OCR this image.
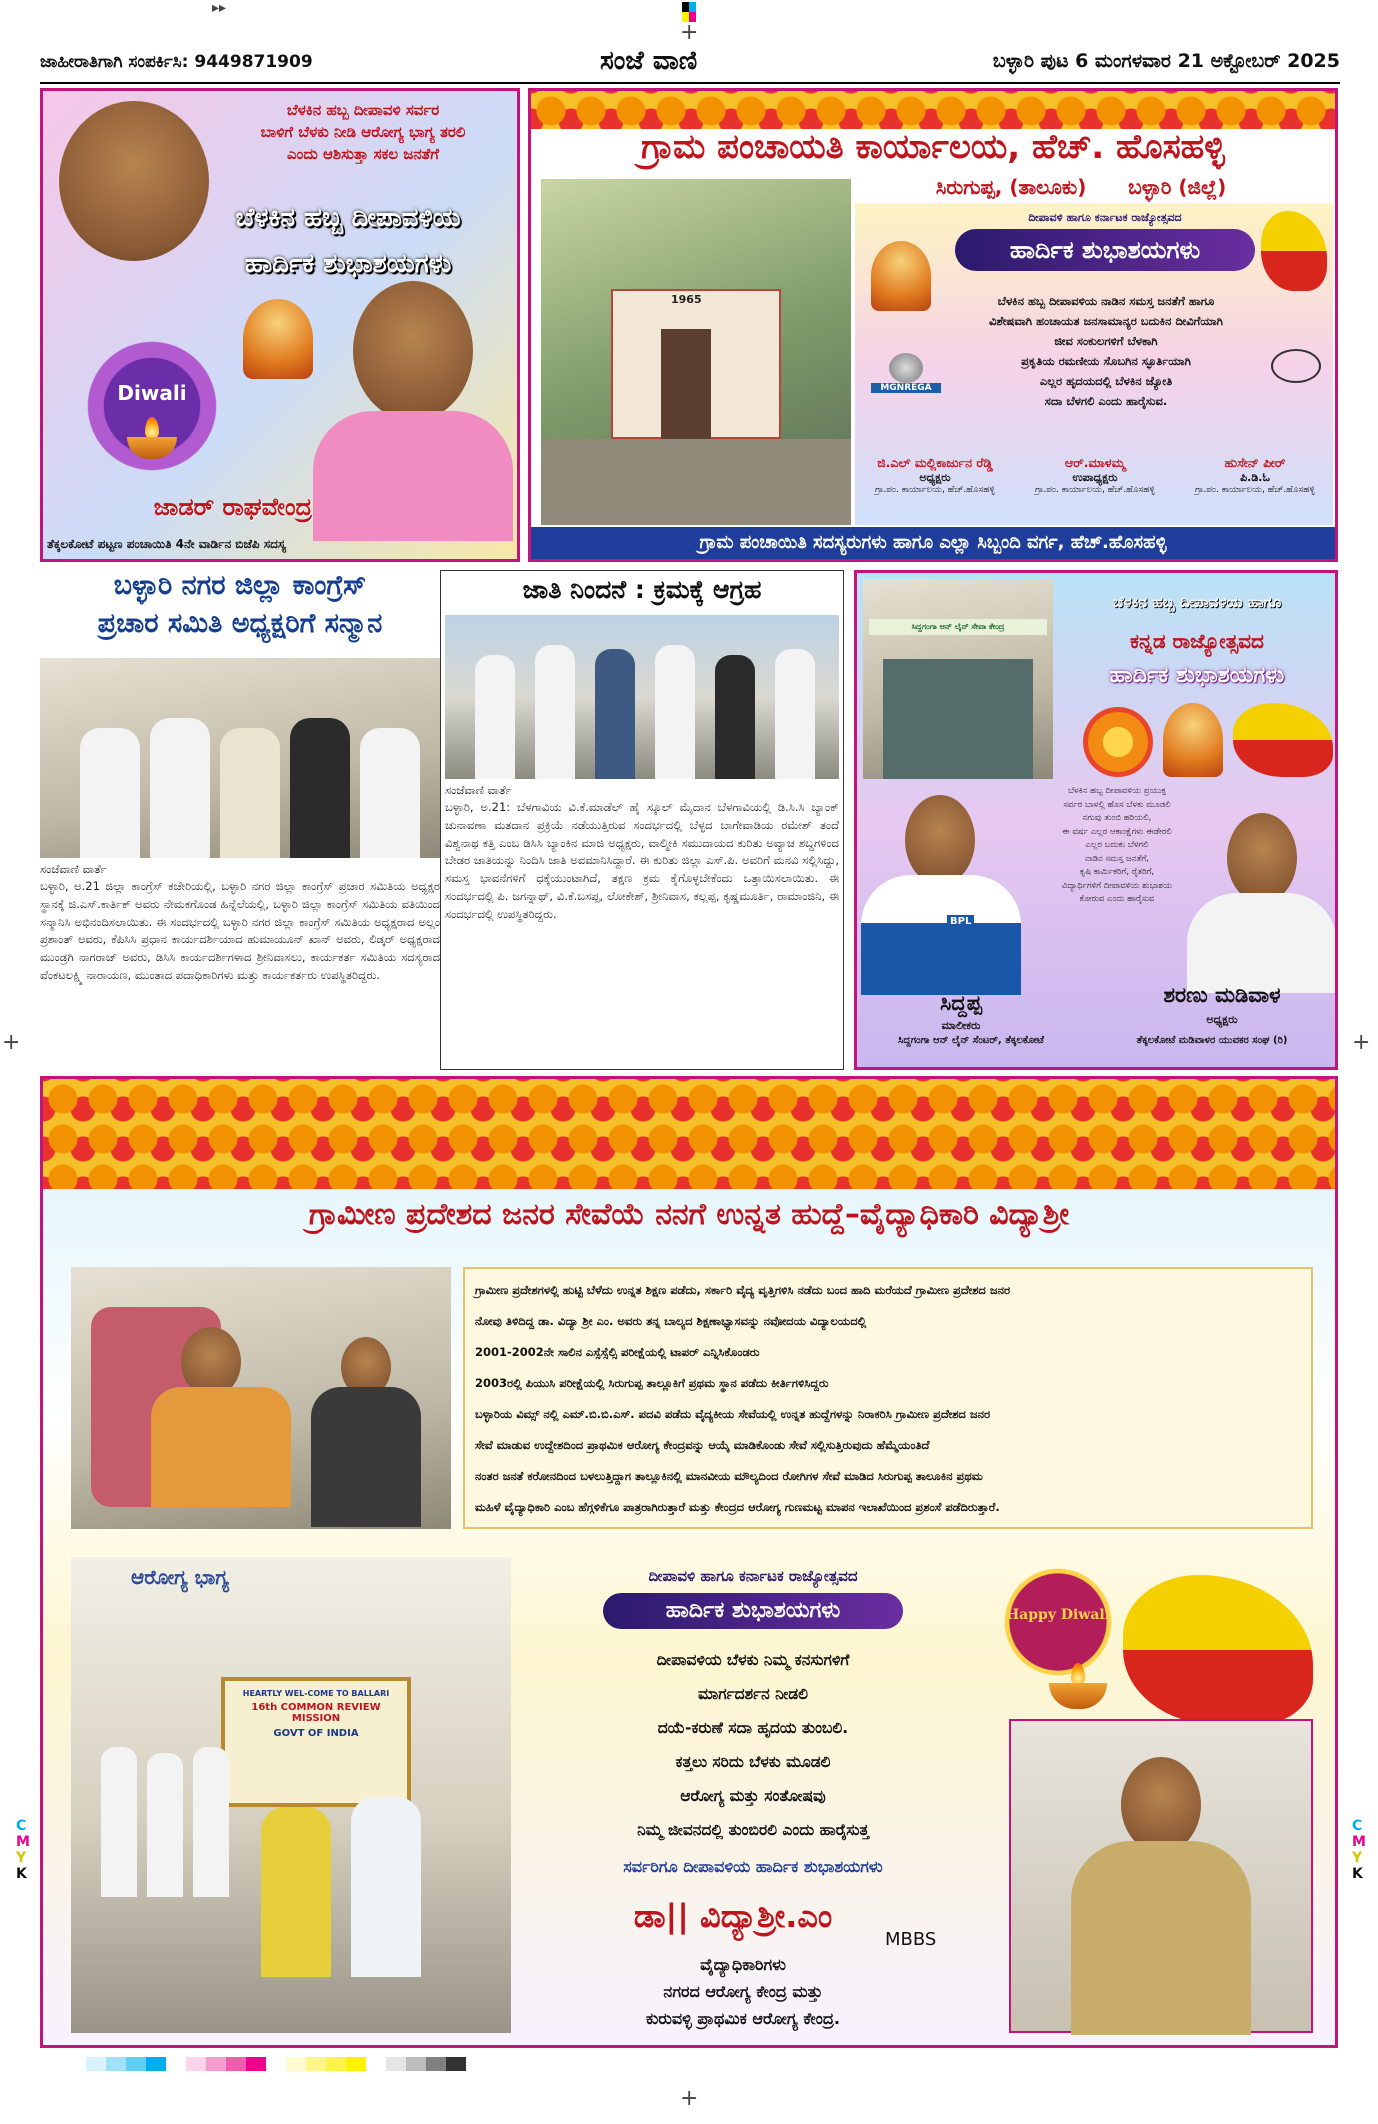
▸▸
+
+	+
+
C
M
Y
K
C
M
Y
K
ಜಾಹೀರಾತಿಗಾಗಿ ಸಂಪರ್ಕಿಸಿ: 9449871909	ಸಂಜೆ ವಾಣಿ	ಬಳ್ಳಾರಿ ಪುಟ 6 ಮಂಗಳವಾರ 21 ಅಕ್ಟೋಬರ್ 2025
ಬೆಳಕಿನ ಹಬ್ಬ ದೀಪಾವಳಿ ಸರ್ವರ
ಬಾಳಿಗೆ ಬೆಳಕು ನೀಡಿ ಆರೋಗ್ಯ ಭಾಗ್ಯ ತರಲಿ
ಎಂದು ಆಶಿಸುತ್ತಾ ಸಕಲ ಜನತೆಗೆ
ಬೆಳಕಿನ ಹಬ್ಬ ದೀಪಾವಳಿಯ
ಹಾರ್ದಿಕ ಶುಭಾಶಯಗಳು
Diwali
ಜಾಡರ್ ರಾಘವೇಂದ್ರ
ತೆಕ್ಕಲಕೋಟೆ ಪಟ್ಟಣ ಪಂಚಾಯಿತಿ 4ನೇ ವಾರ್ಡಿನ ಬಿಜೆಪಿ ಸದಸ್ಯ
ಗ್ರಾಮ ಪಂಚಾಯತಿ ಕಾರ್ಯಾಲಯ, ಹೆಚ್. ಹೊಸಹಳ್ಳಿ
ಸಿರುಗುಪ್ಪ, (ತಾಲೂಕು)      ಬಳ್ಳಾರಿ (ಜಿಲ್ಲೆ)
1965
ದೀಪಾವಳಿ ಹಾಗೂ ಕರ್ನಾಟಕ ರಾಜ್ಯೋತ್ಸವದ
ಹಾರ್ದಿಕ ಶುಭಾಶಯಗಳು
ಬೆಳಕಿನ ಹಬ್ಬ ದೀಪಾವಳಿಯ ನಾಡಿನ ಸಮಸ್ತ ಜನತೆಗೆ ಹಾಗೂ
ವಿಶೇಷವಾಗಿ ಹಂಚಾಯತ ಜನಸಾಮಾನ್ಯರ ಬದುಕಿನ ದೀವಿಗೆಯಾಗಿ
ಜೀವ ಸಂಕುಲಗಳಿಗೆ ಬೆಳಕಾಗಿ
ಪ್ರಕೃತಿಯ ರಮಣೀಯ ಸೊಬಗಿನ ಸ್ಫೂರ್ತಿಯಾಗಿ
ಎಲ್ಲರ ಹೃದಯದಲ್ಲಿ ಬೆಳಕಿನ ಜ್ಯೋತಿ
ಸದಾ ಬೆಳಗಲಿ ಎಂದು ಹಾರೈಸುವ.
MGNREGA
ಜಿ.ಎಲ್ ಮಲ್ಲಿಕಾರ್ಜುನ ರೆಡ್ಡಿ
ಅಧ್ಯಕ್ಷರು
ಗ್ರಾ.ಪಂ. ಕಾರ್ಯಾಲಯ, ಹೆಚ್.ಹೊಸಹಳ್ಳಿ
ಆರ್.ಮಾಳಮ್ಮ
ಉಪಾಧ್ಯಕ್ಷರು
ಗ್ರಾ.ಪಂ. ಕಾರ್ಯಾಲಯ, ಹೆಚ್.ಹೊಸಹಳ್ಳಿ
ಹುಸೇನ್ ಪೀರ್
ಪಿ.ಡಿ.ಓ
ಗ್ರಾ.ಪಂ. ಕಾರ್ಯಾಲಯ, ಹೆಚ್.ಹೊಸಹಳ್ಳಿ
ಗ್ರಾಮ ಪಂಚಾಯಿತಿ ಸದಸ್ಯರುಗಳು ಹಾಗೂ ಎಲ್ಲಾ ಸಿಬ್ಬಂದಿ ವರ್ಗ, ಹೆಚ್.ಹೊಸಹಳ್ಳಿ
ಬಳ್ಳಾರಿ ನಗರ ಜಿಲ್ಲಾ ಕಾಂಗ್ರೆಸ್
ಪ್ರಚಾರ ಸಮಿತಿ ಅಧ್ಯಕ್ಷರಿಗೆ ಸನ್ಮಾನ
ಸಂಜೆವಾಣಿ ವಾರ್ತೆ
ಬಳ್ಳಾರಿ, ಅ.21 ಜಿಲ್ಲಾ ಕಾಂಗ್ರೆಸ್ ಕಚೇರಿಯಲ್ಲಿ, ಬಳ್ಳಾರಿ ನಗರ ಜಿಲ್ಲಾ ಕಾಂಗ್ರೆಸ್ ಪ್ರಚಾರ ಸಮಿತಿಯ ಅಧ್ಯಕ್ಷರ ಸ್ಥಾನಕ್ಕೆ ಜಿ.ಎಸ್.ಕಾರ್ತಿಕ್ ಅವರು ನೇಮಕಗೊಂಡ ಹಿನ್ನೆಲೆಯಲ್ಲಿ, ಬಳ್ಳಾರಿ ಜಿಲ್ಲಾ ಕಾಂಗ್ರೆಸ್ ಸಮಿತಿಯ ವತಿಯಿಂದ ಸನ್ಮಾನಿಸಿ ಅಭಿನಂದಿಸಲಾಯಿತು. ಈ ಸಂದರ್ಭದಲ್ಲಿ ಬಳ್ಳಾರಿ ನಗರ ಜಿಲ್ಲಾ ಕಾಂಗ್ರೆಸ್ ಸಮಿತಿಯ ಅಧ್ಯಕ್ಷರಾದ ಅಲ್ಲಂ ಪ್ರಶಾಂತ್ ಅವರು, ಕೆಪಿಸಿಸಿ ಪ್ರಧಾನ ಕಾರ್ಯದರ್ಶಿಯಾದ ಹುಮಾಯೂನ್ ಖಾನ್ ಅವರು, ಲಿಡ್ಕರ್ ಅಧ್ಯಕ್ಷರಾದ ಮುಂಡ್ರಗಿ ನಾಗರಾಜ್ ಅವರು, ಡಿಸಿಸಿ ಕಾರ್ಯದರ್ಶಿಗಳಾದ ಶ್ರೀನಿವಾಸಲು, ಕಾರ್ಯಕರ್ತ ಸಮಿತಿಯ ಸದಸ್ಯರಾದ ವೆಂಕಟಲಕ್ಷ್ಮಿ ನಾರಾಯಣ, ಮುಂತಾದ ಪದಾಧಿಕಾರಿಗಳು ಮತ್ತು ಕಾರ್ಯಕರ್ತರು ಉಪಸ್ಥಿತರಿದ್ದರು.
ಜಾತಿ ನಿಂದನೆ : ಕ್ರಮಕ್ಕೆ ಆಗ್ರಹ
ಸಂಜೆವಾಣಿ ವಾರ್ತೆ
ಬಳ್ಳಾರಿ, ಅ.21: ಬೆಳಗಾವಿಯ ವಿ.ಕೆ.ಮಾಡೆಲ್ ಹೈ ಸ್ಕೂಲ್ ಮೈದಾನ ಬೆಳಗಾವಿಯಲ್ಲಿ ಡಿ.ಸಿ.ಸಿ ಬ್ಯಾಂಕ್ ಚುನಾವಣಾ ಮತದಾನ ಪ್ರಕ್ರಿಯೆ ನಡೆಯುತ್ತಿರುವ ಸಂದರ್ಭದಲ್ಲಿ ಬೆಳ್ಳದ ಬಾಗೇವಾಡಿಯ ರಮೇಶ್ ತಂದೆ ವಿಶ್ವನಾಥ ಕತ್ತಿ ಎಂಬ ಡಿಸಿಸಿ ಬ್ಯಾಂಕಿನ ಮಾಜಿ ಅಧ್ಯಕ್ಷರು, ವಾಲ್ಮೀಕಿ ಸಮುದಾಯದ ಕುರಿತು ಅವ್ಯಾಚ ಶಬ್ದಗಳಿಂದ ಬೇಡರ ಜಾತಿಯನ್ನು ನಿಂದಿಸಿ ಜಾತಿ ಅವಮಾನಿಸಿದ್ದಾರೆ. ಈ ಕುರಿತು ಜಿಲ್ಲಾ ಎಸ್.ಪಿ. ಅವರಿಗೆ ಮನವಿ ಸಲ್ಲಿಸಿದ್ದು, ಸಮಸ್ತ ಭಾವನೆಗಳಿಗೆ ಧಕ್ಕೆಯುಂಟಾಗಿದೆ, ತಕ್ಷಣ ಕ್ರಮ ಕೈಗೊಳ್ಳಬೇಕೆಂದು ಒತ್ತಾಯಿಸಲಾಯಿತು. ಈ ಸಂದರ್ಭದಲ್ಲಿ ಪಿ. ಜಗನ್ನಾಥ್, ವಿ.ಕೆ.ಬಸಪ್ಪ, ಲೋಕೇಶ್, ಶ್ರೀನಿವಾಸ, ಕಲ್ಲಪ್ಪ, ಕೃಷ್ಣಮೂರ್ತಿ, ರಾಮಾಂಜಿನಿ, ಈ ಸಂದರ್ಭದಲ್ಲಿ ಉಪಸ್ಥಿತರಿದ್ದರು.
ಸಿದ್ದಗಂಗಾ ಆನ್ ಲೈನ್ ಸೇವಾ ಕೇಂದ್ರ
ಬೆಳಕಿನ ಹಬ್ಬ ದೀಪಾವಳಿಯ ಹಾಗೂ
ಕನ್ನಡ ರಾಜ್ಯೋತ್ಸವದ
ಹಾರ್ದಿಕ ಶುಭಾಶಯಗಳು
ಬೆಳಕಿನ ಹಬ್ಬ ದೀಪಾವಳಿಯ ಪ್ರಯುಕ್ತ
ಸರ್ವರ ಬಾಳಲ್ಲಿ ಹೊಸ ಬೆಳಕು ಮೂಡಲಿ
ನಗುವು ತುಂಬಿ ಹರಿಯಲಿ,
ಈ ವರ್ಷ ಎಲ್ಲರ ಆಕಾಂಕ್ಷೆಗಳು ಈಡೇರಲಿ
ಎಲ್ಲರ ಬದುಕು ಬೆಳಗಲಿ
ನಾಡಿನ ಸಮಸ್ತ ಜನತೆಗೆ,
ಕೃಷಿ ಕಾರ್ಮಿಕರಿಗೆ, ರೈತರಿಗೆ,
ವಿದ್ಯಾರ್ಥಿಗಳಿಗೆ ದೀಪಾವಳಿಯ ಶುಭಾಶಯ
ಕೋರುವ ಎಂದು ಹಾರೈಸುವ
BPL
ಸಿದ್ದಪ್ಪ
ಮಾಲೀಕರು
ಸಿದ್ದಗಂಗಾ ಆನ್ ಲೈನ್ ಸೆಂಟರ್, ತೆಕ್ಕಲಕೋಟೆ
ಶರಣು ಮಡಿವಾಳ
ಅಧ್ಯಕ್ಷರು
ತೆಕ್ಕಲಕೋಟೆ ಮಡಿವಾಳರ ಯುವಕರ ಸಂಘ (ರಿ)
ಗ್ರಾಮೀಣ ಪ್ರದೇಶದ ಜನರ ಸೇವೆಯೆ ನನಗೆ ಉನ್ನತ ಹುದ್ದೆ–ವೈದ್ಯಾಧಿಕಾರಿ ವಿದ್ಯಾಶ್ರೀ
ಗ್ರಾಮೀಣ ಪ್ರದೇಶಗಳಲ್ಲಿ ಹುಟ್ಟಿ ಬೆಳೆದು ಉನ್ನತ ಶಿಕ್ಷಣ ಪಡೆದು, ಸರ್ಕಾರಿ ವೈದ್ಯ ವೃತ್ತಿಗಳಿಸಿ ನಡೆದು ಬಂದ ಹಾದಿ ಮರೆಯದೆ ಗ್ರಾಮೀಣ ಪ್ರದೇಶದ ಜನರ
ನೋವು ತಿಳಿದಿದ್ದ ಡಾ. ವಿದ್ಯಾ ಶ್ರೀ ಎಂ. ಅವರು ತನ್ನ ಬಾಲ್ಯದ ಶಿಕ್ಷಣಾಭ್ಯಾಸವನ್ನು ನವೋದಯ ವಿದ್ಯಾಲಯದಲ್ಲಿ
2001-2002ನೇ ಸಾಲಿನ ಎಸ್ಸೆಸ್ಸೆಲ್ಸಿ ಪರೀಕ್ಷೆಯಲ್ಲಿ ಟಾಪರ್ ಎನ್ನಿಸಿಕೊಂಡರು
2003ರಲ್ಲಿ ಪಿಯುಸಿ ಪರೀಕ್ಷೆಯಲ್ಲಿ ಸಿರುಗುಪ್ಪ ತಾಲ್ಲೂಕಿಗೆ ಪ್ರಥಮ ಸ್ಥಾನ ಪಡೆದು ಕೀರ್ತಿಗಳಿಸಿದ್ದರು
ಬಳ್ಳಾರಿಯ ವಿಮ್ಸ್ ನಲ್ಲಿ ಎಮ್.ಬಿ.ಬಿ.ಎಸ್. ಪದವಿ ಪಡೆದು ವೈದ್ಯಕೀಯ ಸೇವೆಯಲ್ಲಿ ಉನ್ನತ ಹುದ್ದೆಗಳನ್ನು ನಿರಾಕರಿಸಿ ಗ್ರಾಮೀಣ ಪ್ರದೇಶದ ಜನರ
ಸೇವೆ ಮಾಡುವ ಉದ್ದೇಶದಿಂದ ಪ್ರಾಥಮಿಕ ಆರೋಗ್ಯ ಕೇಂದ್ರವನ್ನು ಆಯ್ಕೆ ಮಾಡಿಕೊಂಡು ಸೇವೆ ಸಲ್ಲಿಸುತ್ತಿರುವುದು ಹೆಮ್ಮೆಯಂತಿದೆ
ನಂತರ ಜನತೆ ಕರೋನದಿಂದ ಬಳಲುತ್ತಿದ್ದಾಗ ತಾಲ್ಲೂಕಿನಲ್ಲಿ ಮಾನವೀಯ ಮೌಲ್ಯದಿಂದ ರೋಗಿಗಳ ಸೇವೆ ಮಾಡಿದ ಸಿರುಗುಪ್ಪ ತಾಲೂಕಿನ ಪ್ರಥಮ
ಮಹಿಳೆ ವೈದ್ಯಾಧಿಕಾರಿ ಎಂಬ ಹೆಗ್ಗಳಿಕೆಗೂ ಪಾತ್ರರಾಗಿರುತ್ತಾರೆ ಮತ್ತು ಕೇಂದ್ರದ ಆರೋಗ್ಯ ಗುಣಮಟ್ಟ ಮಾಪನ ಇಲಾಖೆಯಿಂದ ಪ್ರಶಂಸೆ ಪಡೆದಿರುತ್ತಾರೆ.
ಆರೋಗ್ಯ ಭಾಗ್ಯ
HEARTLY WEL-COME TO BALLARI
16th COMMON REVIEW MISSION
GOVT OF INDIA
ದೀಪಾವಳಿ ಹಾಗೂ ಕರ್ನಾಟಕ ರಾಜ್ಯೋತ್ಸವದ
ಹಾರ್ದಿಕ ಶುಭಾಶಯಗಳು	Happy Diwali
ದೀಪಾವಳಿಯ ಬೆಳಕು ನಿಮ್ಮ ಕನಸುಗಳಿಗೆ
ಮಾರ್ಗದರ್ಶನ ನೀಡಲಿ
ದಯೆ-ಕರುಣೆ ಸದಾ ಹೃದಯ ತುಂಬಲಿ.
ಕತ್ತಲು ಸರಿದು ಬೆಳಕು ಮೂಡಲಿ
ಆರೋಗ್ಯ ಮತ್ತು ಸಂತೋಷವು
ನಿಮ್ಮ ಜೀವನದಲ್ಲಿ ತುಂಬಿರಲಿ ಎಂದು ಹಾರೈಸುತ್ತ
ಸರ್ವರಿಗೂ ದೀಪಾವಳಿಯ ಹಾರ್ದಿಕ ಶುಭಾಶಯಗಳು
ಡಾ|| ವಿದ್ಯಾಶ್ರೀ.ಎಂ
MBBS
ವೈದ್ಯಾಧಿಕಾರಿಗಳು
ನಗರದ ಆರೋಗ್ಯ ಕೇಂದ್ರ ಮತ್ತು
ಕುರುವಳ್ಳಿ ಪ್ರಾಥಮಿಕ ಆರೋಗ್ಯ ಕೇಂದ್ರ.
